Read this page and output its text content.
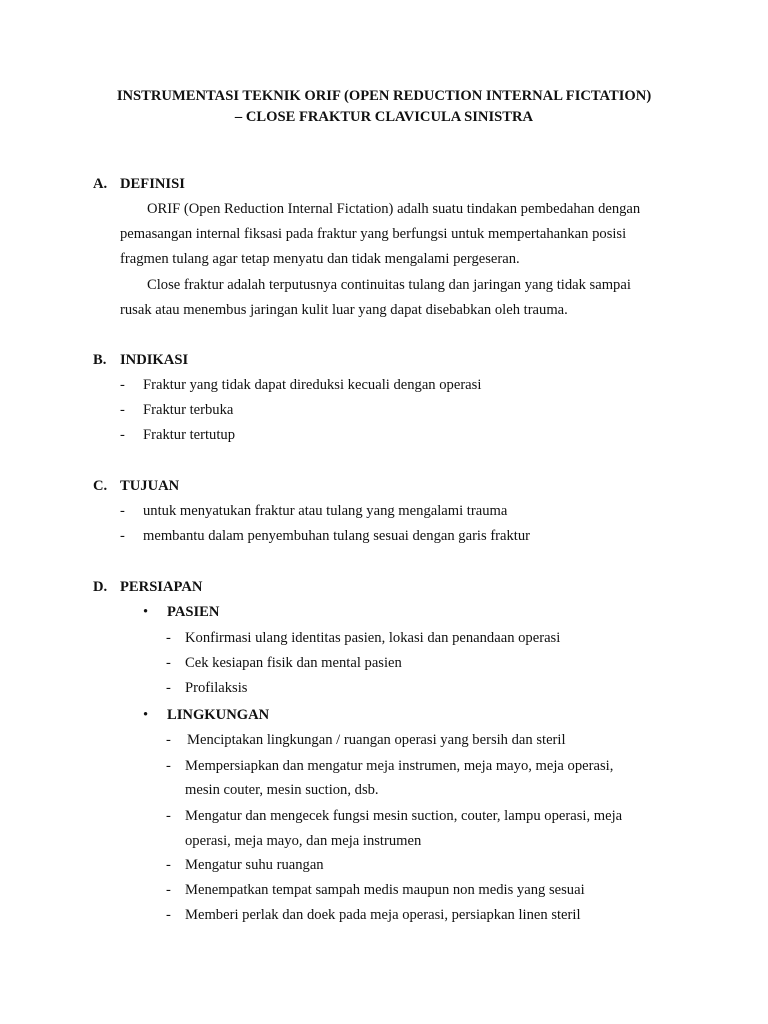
INSTRUMENTASI TEKNIK ORIF (OPEN REDUCTION INTERNAL FICTATION)
– CLOSE FRAKTUR CLAVICULA SINISTRA
A. DEFINISI
ORIF (Open Reduction Internal Fictation) adalh suatu tindakan pembedahan dengan
pemasangan internal fiksasi pada fraktur yang berfungsi untuk mempertahankan posisi
fragmen tulang agar tetap menyatu dan tidak mengalami pergeseran.
Close fraktur adalah terputusnya continuitas tulang dan jaringan yang tidak sampai
rusak atau menembus jaringan kulit luar yang dapat disebabkan oleh trauma.
B. INDIKASI
- Fraktur yang tidak dapat direduksi kecuali dengan operasi
- Fraktur terbuka
- Fraktur tertutup
C. TUJUAN
- untuk menyatukan fraktur atau tulang yang mengalami trauma
- membantu dalam penyembuhan tulang sesuai dengan garis fraktur
D. PERSIAPAN
• PASIEN
- Konfirmasi ulang identitas pasien, lokasi dan penandaan operasi
- Cek kesiapan fisik dan mental pasien
- Profilaksis
• LINGKUNGAN
- Menciptakan lingkungan / ruangan operasi yang bersih dan steril
- Mempersiapkan dan mengatur meja instrumen, meja mayo, meja operasi,
mesin couter, mesin suction, dsb.
- Mengatur dan mengecek fungsi mesin suction, couter, lampu operasi, meja
operasi, meja mayo, dan meja instrumen
- Mengatur suhu ruangan
- Menempatkan tempat sampah medis maupun non medis yang sesuai
- Memberi perlak dan doek pada meja operasi, persiapkan linen steril
